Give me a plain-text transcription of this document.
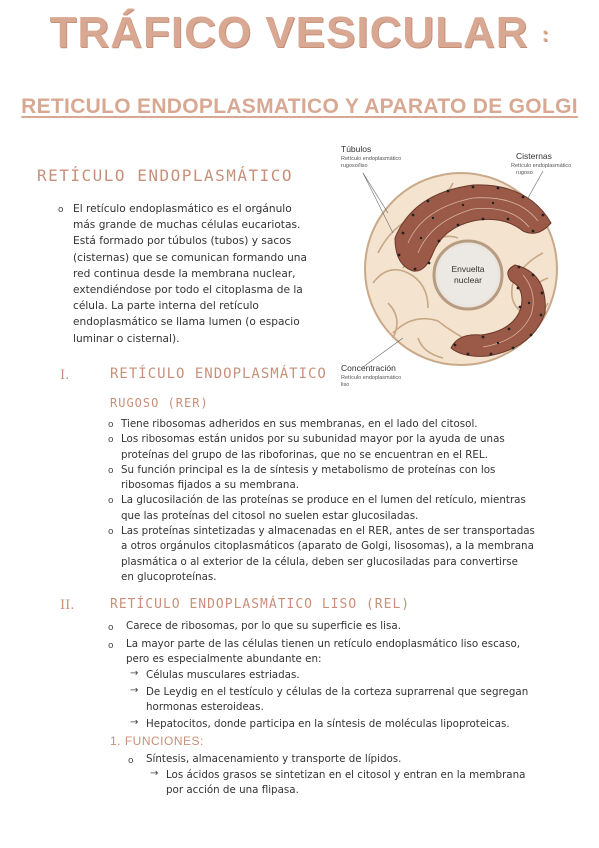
TRÁFICO VESICULAR :
RETICULO ENDOPLASMATICO Y APARATO DE GOLGI
RETÍCULO ENDOPLASMÁTICO
o El retículo endoplasmático es el orgánulo
más grande de muchas células eucariotas.
Está formado por túbulos (tubos) y sacos
(cisternas) que se comunican formando una
red continua desde la membrana nuclear,
extendiéndose por todo el citoplasma de la
célula. La parte interna del retículo
endoplasmático se llama lumen (o espacio
luminar o cisternal).
Envuelta
nuclear
Túbulos
Retículo endoplasmático
rugoso/liso
Cisternas
Retículo endoplasmático
rugoso
Concentración
Retículo endoplasmático
liso
I.	RETÍCULO ENDOPLASMÁTICO
RUGOSO (RER)
o Tiene ribosomas adheridos en sus membranas, en el lado del citosol.
o Los ribosomas están unidos por su subunidad mayor por la ayuda de unas
proteínas del grupo de las riboforinas, que no se encuentran en el REL.
o Su función principal es la de síntesis y metabolismo de proteínas con los
ribosomas fijados a su membrana.
o La glucosilación de las proteínas se produce en el lumen del retículo, mientras
que las proteínas del citosol no suelen estar glucosiladas.
o Las proteínas sintetizadas y almacenadas en el RER, antes de ser transportadas
a otros orgánulos citoplasmáticos (aparato de Golgi, lisosomas), a la membrana
plasmática o al exterior de la célula, deben ser glucosiladas para convertirse
en glucoproteínas.
II.	RETÍCULO ENDOPLASMÁTICO LISO (REL)
o Carece de ribosomas, por lo que su superficie es lisa.
o La mayor parte de las células tienen un retículo endoplasmático liso escaso,
pero es especialmente abundante en:
→ Células musculares estriadas.
→ De Leydig en el testículo y células de la corteza suprarrenal que segregan
hormonas esteroideas.
→ Hepatocitos, donde participa en la síntesis de moléculas lipoproteicas.
1. FUNCIONES:
o Síntesis, almacenamiento y transporte de lípidos.
→ Los ácidos grasos se sintetizan en el citosol y entran en la membrana
por acción de una flipasa.
